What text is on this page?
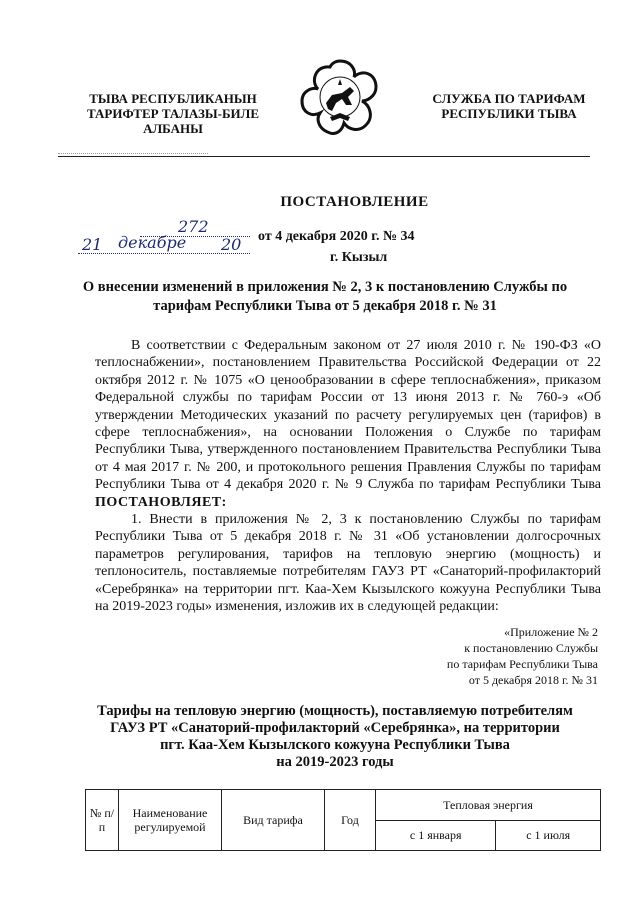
ТЫВА РЕСПУБЛИКАНЫН
ТАРИФТЕР ТАЛАЗЫ-БИЛЕ
АЛБАНЫ
СЛУЖБА ПО ТАРИФАМ
РЕСПУБЛИКИ ТЫВА
ПОСТАНОВЛЕНИЕ
272
21 декабре 20 от 4 декабря 2020 г. № 34
г. Кызыл
О внесении изменений в приложения № 2, 3 к постановлению Службы по тарифам Республики Тыва от 5 декабря 2018 г. № 31

В соответствии с Федеральным законом от 27 июля 2010 г. № 190-ФЗ «О теплоснабжении», постановлением Правительства Российской Федерации от 22 октября 2012 г. № 1075 «О ценообразовании в сфере теплоснабжения», приказом Федеральной службы по тарифам России от 13 июня 2013 г. № 760-э «Об утверждении Методических указаний по расчету регулируемых цен (тарифов) в сфере теплоснабжения», на основании Положения о Службе по тарифам Республики Тыва, утвержденного постановлением Правительства Республики Тыва от 4 мая 2017 г. № 200, и протокольного решения Правления Службы по тарифам Республики Тыва от 4 декабря 2020 г. № 9 Служба по тарифам Республики Тыва ПОСТАНОВЛЯЕТ:

1. Внести в приложения № 2, 3 к постановлению Службы по тарифам Республики Тыва от 5 декабря 2018 г. № 31 «Об установлении долгосрочных параметров регулирования, тарифов на тепловую энергию (мощность) и теплоноситель, поставляемые потребителям ГАУЗ РТ «Санаторий-профилакторий «Серебрянка» на территории пгт. Каа-Хем Кызылского кожууна Республики Тыва на 2019-2023 годы» изменения, изложив их в следующей редакции:

«Приложение № 2
к постановлению Службы
по тарифам Республики Тыва
от 5 декабря 2018 г. № 31
Тарифы на тепловую энергию (мощность), поставляемую потребителям
ГАУЗ РТ «Санаторий-профилакторий «Серебрянка», на территории
пгт. Каа-Хем Кызылского кожууна Республики Тыва
на 2019-2023 годы
№ п/п	Наименование регулируемой	Вид тарифа	Год	Тепловая энергия	
				с 1 января	с 1 июля
